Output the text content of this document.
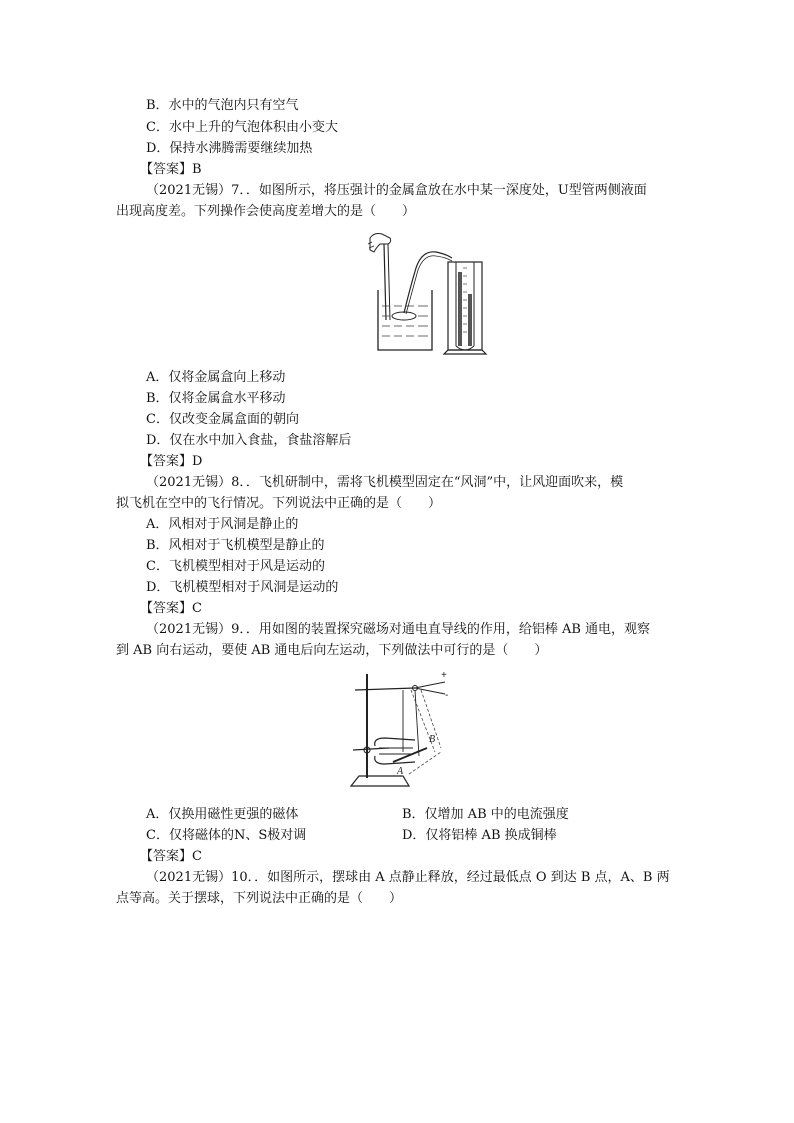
B．水中的气泡内只有空气
C．水中上升的气泡体积由小变大
D．保持水沸腾需要继续加热
【答案】B
（2021无锡）7．．如图所示，将压强计的金属盒放在水中某一深度处，U型管两侧液面
出现高度差。下列操作会使高度差增大的是（　　）
A．仅将金属盒向上移动
B．仅将金属盒水平移动
C．仅改变金属盒面的朝向
D．仅在水中加入食盐，食盐溶解后
【答案】D
（2021无锡）8．．飞机研制中，需将飞机模型固定在“风洞”中，让风迎面吹来，模
拟飞机在空中的飞行情况。下列说法中正确的是（　　）
A．风相对于风洞是静止的
B．风相对于飞机模型是静止的
C．飞机模型相对于风是运动的
D．飞机模型相对于风洞是运动的
【答案】C
（2021无锡）9．．用如图的装置探究磁场对通电直导线的作用，给铝棒 AB 通电，观察
到 AB 向右运动，要使 AB 通电后向左运动，下列做法中可行的是（　　）
B
A
+
-
A．仅换用磁性更强的磁体	B．仅增加 AB 中的电流强度
C．仅将磁体的N、S极对调	D．仅将铝棒 AB 换成铜棒
【答案】C
（2021无锡）10．．如图所示，摆球由 A 点静止释放，经过最低点 O 到达 B 点，A、B 两
点等高。关于摆球，下列说法中正确的是（　　）
